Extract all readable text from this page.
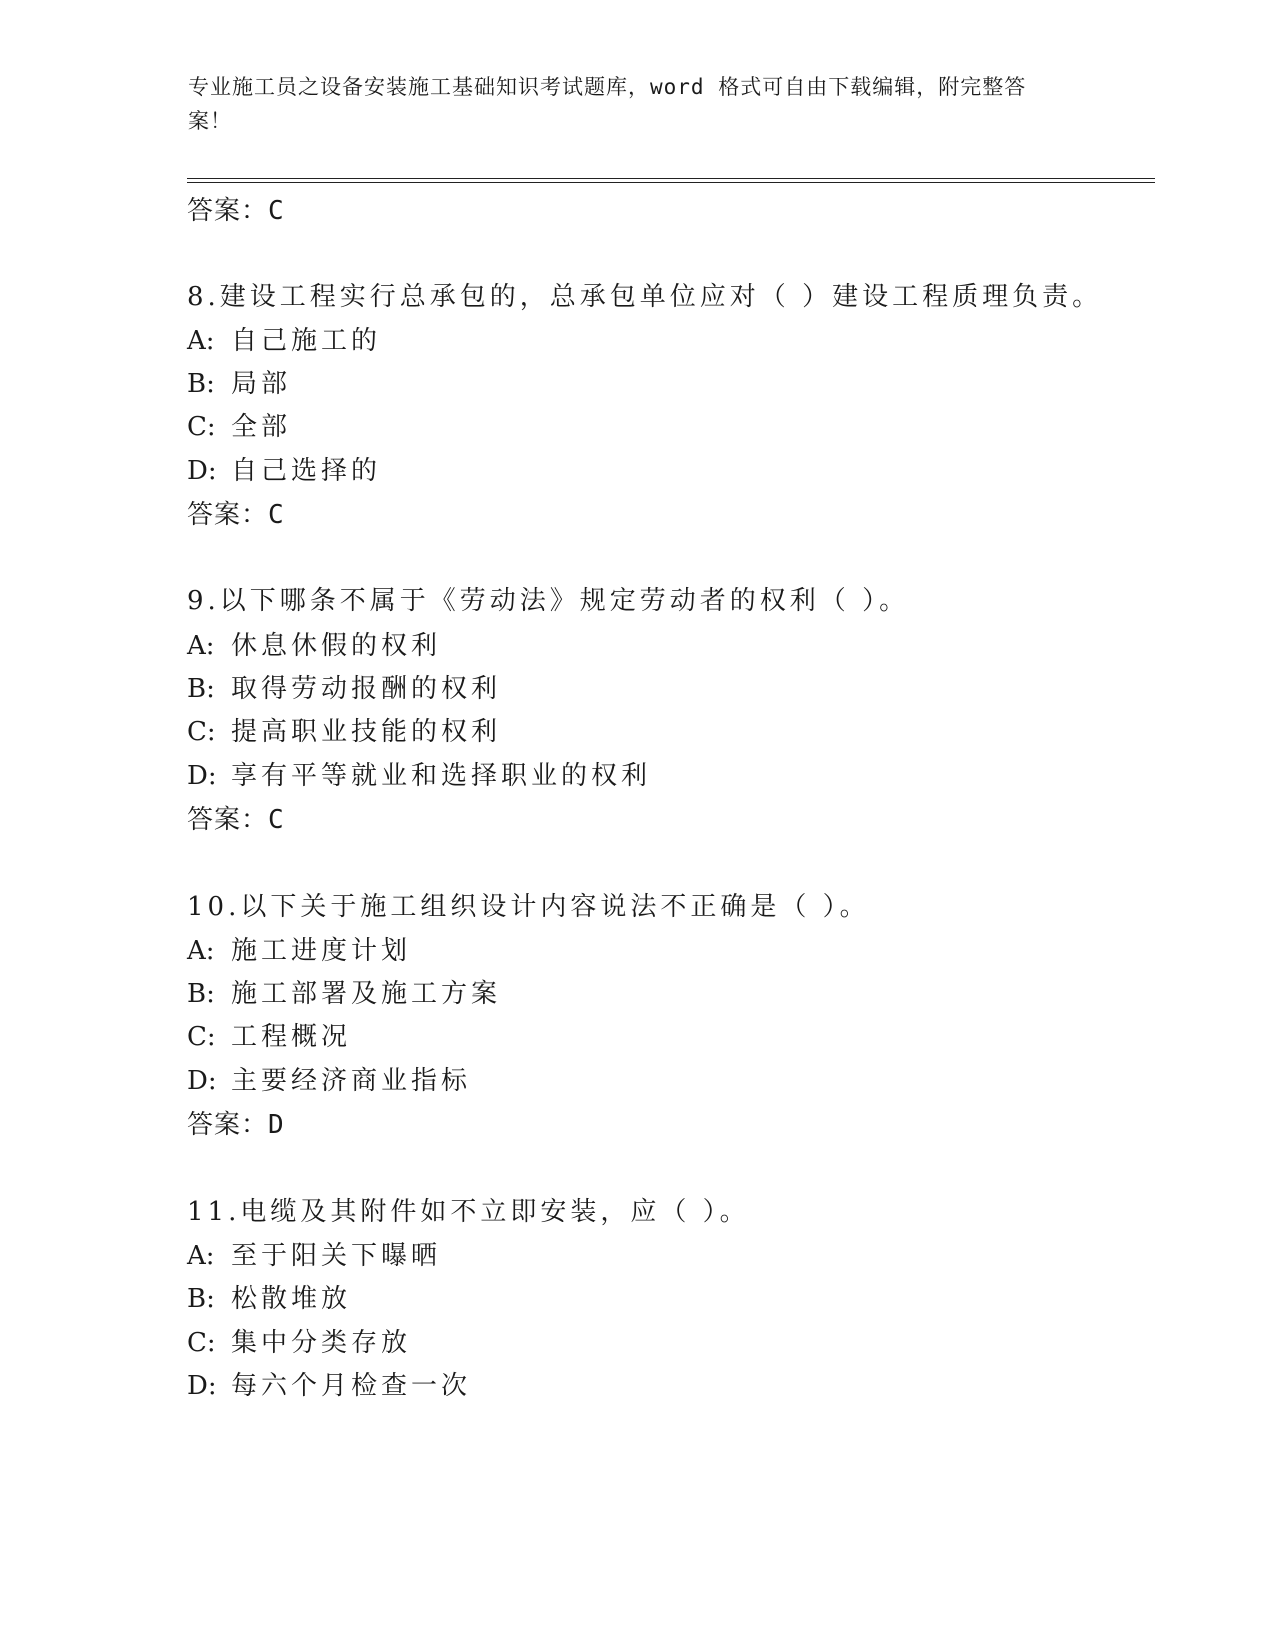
专业施工员之设备安装施工基础知识考试题库，word 格式可自由下载编辑，附完整答案！
答案：C
8.建设工程实行总承包的，总承包单位应对（ ）建设工程质理负责。
A: 自己施工的
B: 局部
C: 全部
D: 自己选择的
答案：C
9.以下哪条不属于《劳动法》规定劳动者的权利（ ）。
A: 休息休假的权利
B: 取得劳动报酬的权利
C: 提高职业技能的权利
D: 享有平等就业和选择职业的权利
答案：C
10.以下关于施工组织设计内容说法不正确是（ ）。
A: 施工进度计划
B: 施工部署及施工方案
C: 工程概况
D: 主要经济商业指标
答案：D
11.电缆及其附件如不立即安装，应（ ）。
A: 至于阳关下曝晒
B: 松散堆放
C: 集中分类存放
D: 每六个月检查一次
